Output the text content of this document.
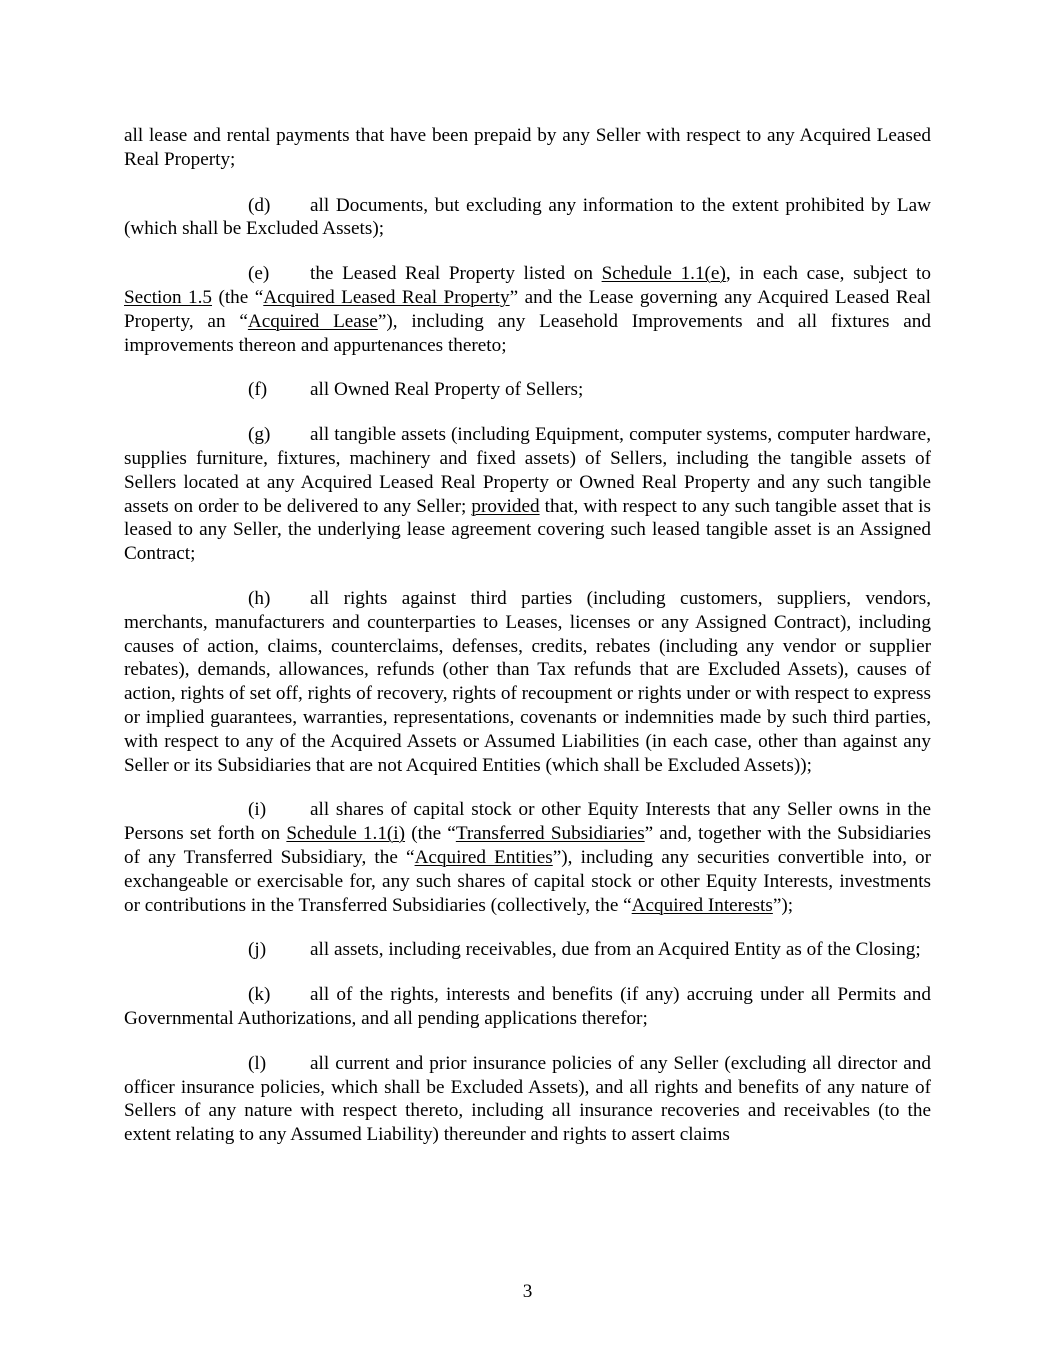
all lease and rental payments that have been prepaid by any Seller with respect to any Acquired Leased Real Property;

(d) all Documents, but excluding any information to the extent prohibited by Law (which shall be Excluded Assets);

(e) the Leased Real Property listed on Schedule 1.1(e), in each case, subject to Section 1.5 (the “Acquired Leased Real Property” and the Lease governing any Acquired Leased Real Property, an “Acquired Lease”), including any Leasehold Improvements and all fixtures and improvements thereon and appurtenances thereto;

(f) all Owned Real Property of Sellers;

(g) all tangible assets (including Equipment, computer systems, computer hardware, supplies furniture, fixtures, machinery and fixed assets) of Sellers, including the tangible assets of Sellers located at any Acquired Leased Real Property or Owned Real Property and any such tangible assets on order to be delivered to any Seller; provided that, with respect to any such tangible asset that is leased to any Seller, the underlying lease agreement covering such leased tangible asset is an Assigned Contract;

(h) all rights against third parties (including customers, suppliers, vendors, merchants, manufacturers and counterparties to Leases, licenses or any Assigned Contract), including causes of action, claims, counterclaims, defenses, credits, rebates (including any vendor or supplier rebates), demands, allowances, refunds (other than Tax refunds that are Excluded Assets), causes of action, rights of set off, rights of recovery, rights of recoupment or rights under or with respect to express or implied guarantees, warranties, representations, covenants or indemnities made by such third parties, with respect to any of the Acquired Assets or Assumed Liabilities (in each case, other than against any Seller or its Subsidiaries that are not Acquired Entities (which shall be Excluded Assets));

(i) all shares of capital stock or other Equity Interests that any Seller owns in the Persons set forth on Schedule 1.1(i) (the “Transferred Subsidiaries” and, together with the Subsidiaries of any Transferred Subsidiary, the “Acquired Entities”), including any securities convertible into, or exchangeable or exercisable for, any such shares of capital stock or other Equity Interests, investments or contributions in the Transferred Subsidiaries (collectively, the “Acquired Interests”);

(j) all assets, including receivables, due from an Acquired Entity as of the Closing;

(k) all of the rights, interests and benefits (if any) accruing under all Permits and Governmental Authorizations, and all pending applications therefor;

(l) all current and prior insurance policies of any Seller (excluding all director and officer insurance policies, which shall be Excluded Assets), and all rights and benefits of any nature of Sellers of any nature with respect thereto, including all insurance recoveries and receivables (to the extent relating to any Assumed Liability) thereunder and rights to assert claims

3
